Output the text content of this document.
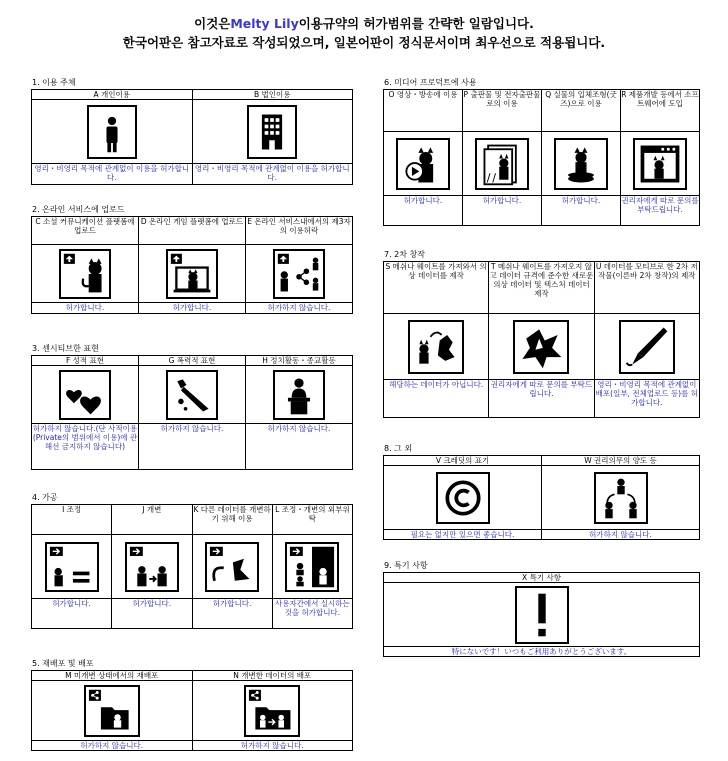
이것은Melty Lily이용규약의 허가범위를 간략한 일람입니다.
한국어판은 참고자료로 작성되었으며, 일본어판이 정식문서이며 최우선으로 적용됩니다.
1. 이용 주체
A 개인이용	B 법인이용

영리・비영리 목적에 관계없이 이용을 허가합니다.	영리・비영리 목적에 관계없이 이용을 허가합니다.
2. 온라인 서비스에 업로드
C 소셜 커뮤니케이션 플랫폼에 업로드	D 온라인 게임 플랫폼에 업로드	E 온라인 서비스내에서의 제3자의 이용허락

허가합니다.	허가합니다.	허가하지 않습니다.
3. 센시티브한 표현
F 성적 표현	G 폭력적 표현	H 정치활동・종교활동

허가하지 않습니다.(단 사적이용(Private의 범위에서 이용)에 관해선 금지하지 않습니다)	허가하지 않습니다.	허가하지 않습니다.
4. 가공
I 조정	J 개변	K 다른 데이터를 개변하기 위해 이용	L 조정・개변의 외부위탁

허가합니다.	허가합니다.	허가합니다.	사용자간에서 실시하는 것을 허가합니다.
5. 재배포 및 배포
M 미개변 상태에서의 재배포	N 개변한 데이터의 배포

허가하지 않습니다.	허가하지 않습니다.
6. 미디어 프로덕트에 사용
O 영상・방송에 이용	P 출판물 및 전자출판물로의 이용	Q 실물의 입체조형(굿즈)으로 이용	R 제품개발 등에서 소프트웨어에 도입

허가합니다.	허가합니다.	허가합니다.	권리자에게 따로 문의를 부탁드립니다.
7. 2차 창작
S 메쉬나 웨이트를 가져와서 의상 데이터를 제작	T 메쉬나 웨이트를 가져오지 않고 데이터 규격에 준수한 새로운 의상 데이터 및 텍스처 데이터 제작	U 데이터를 모티브로 한 2차 저작물(이른바 2차 창작)의 제작

해당하는 데이터가 아닙니다.	권리자에게 따로 문의를 부탁드립니다.	영리・비영리 목적에 관계없이 배포(일부, 전체업로드 등)를 허가합니다.
8. 그 외
V 크레딧의 표기	W 권리의무의 양도 등

필요는 없지만 있으면 좋습니다.	허가하지 않습니다.
9. 특기 사항
X 특기 사항

特にないです！いつもご利用ありがとうございます。
